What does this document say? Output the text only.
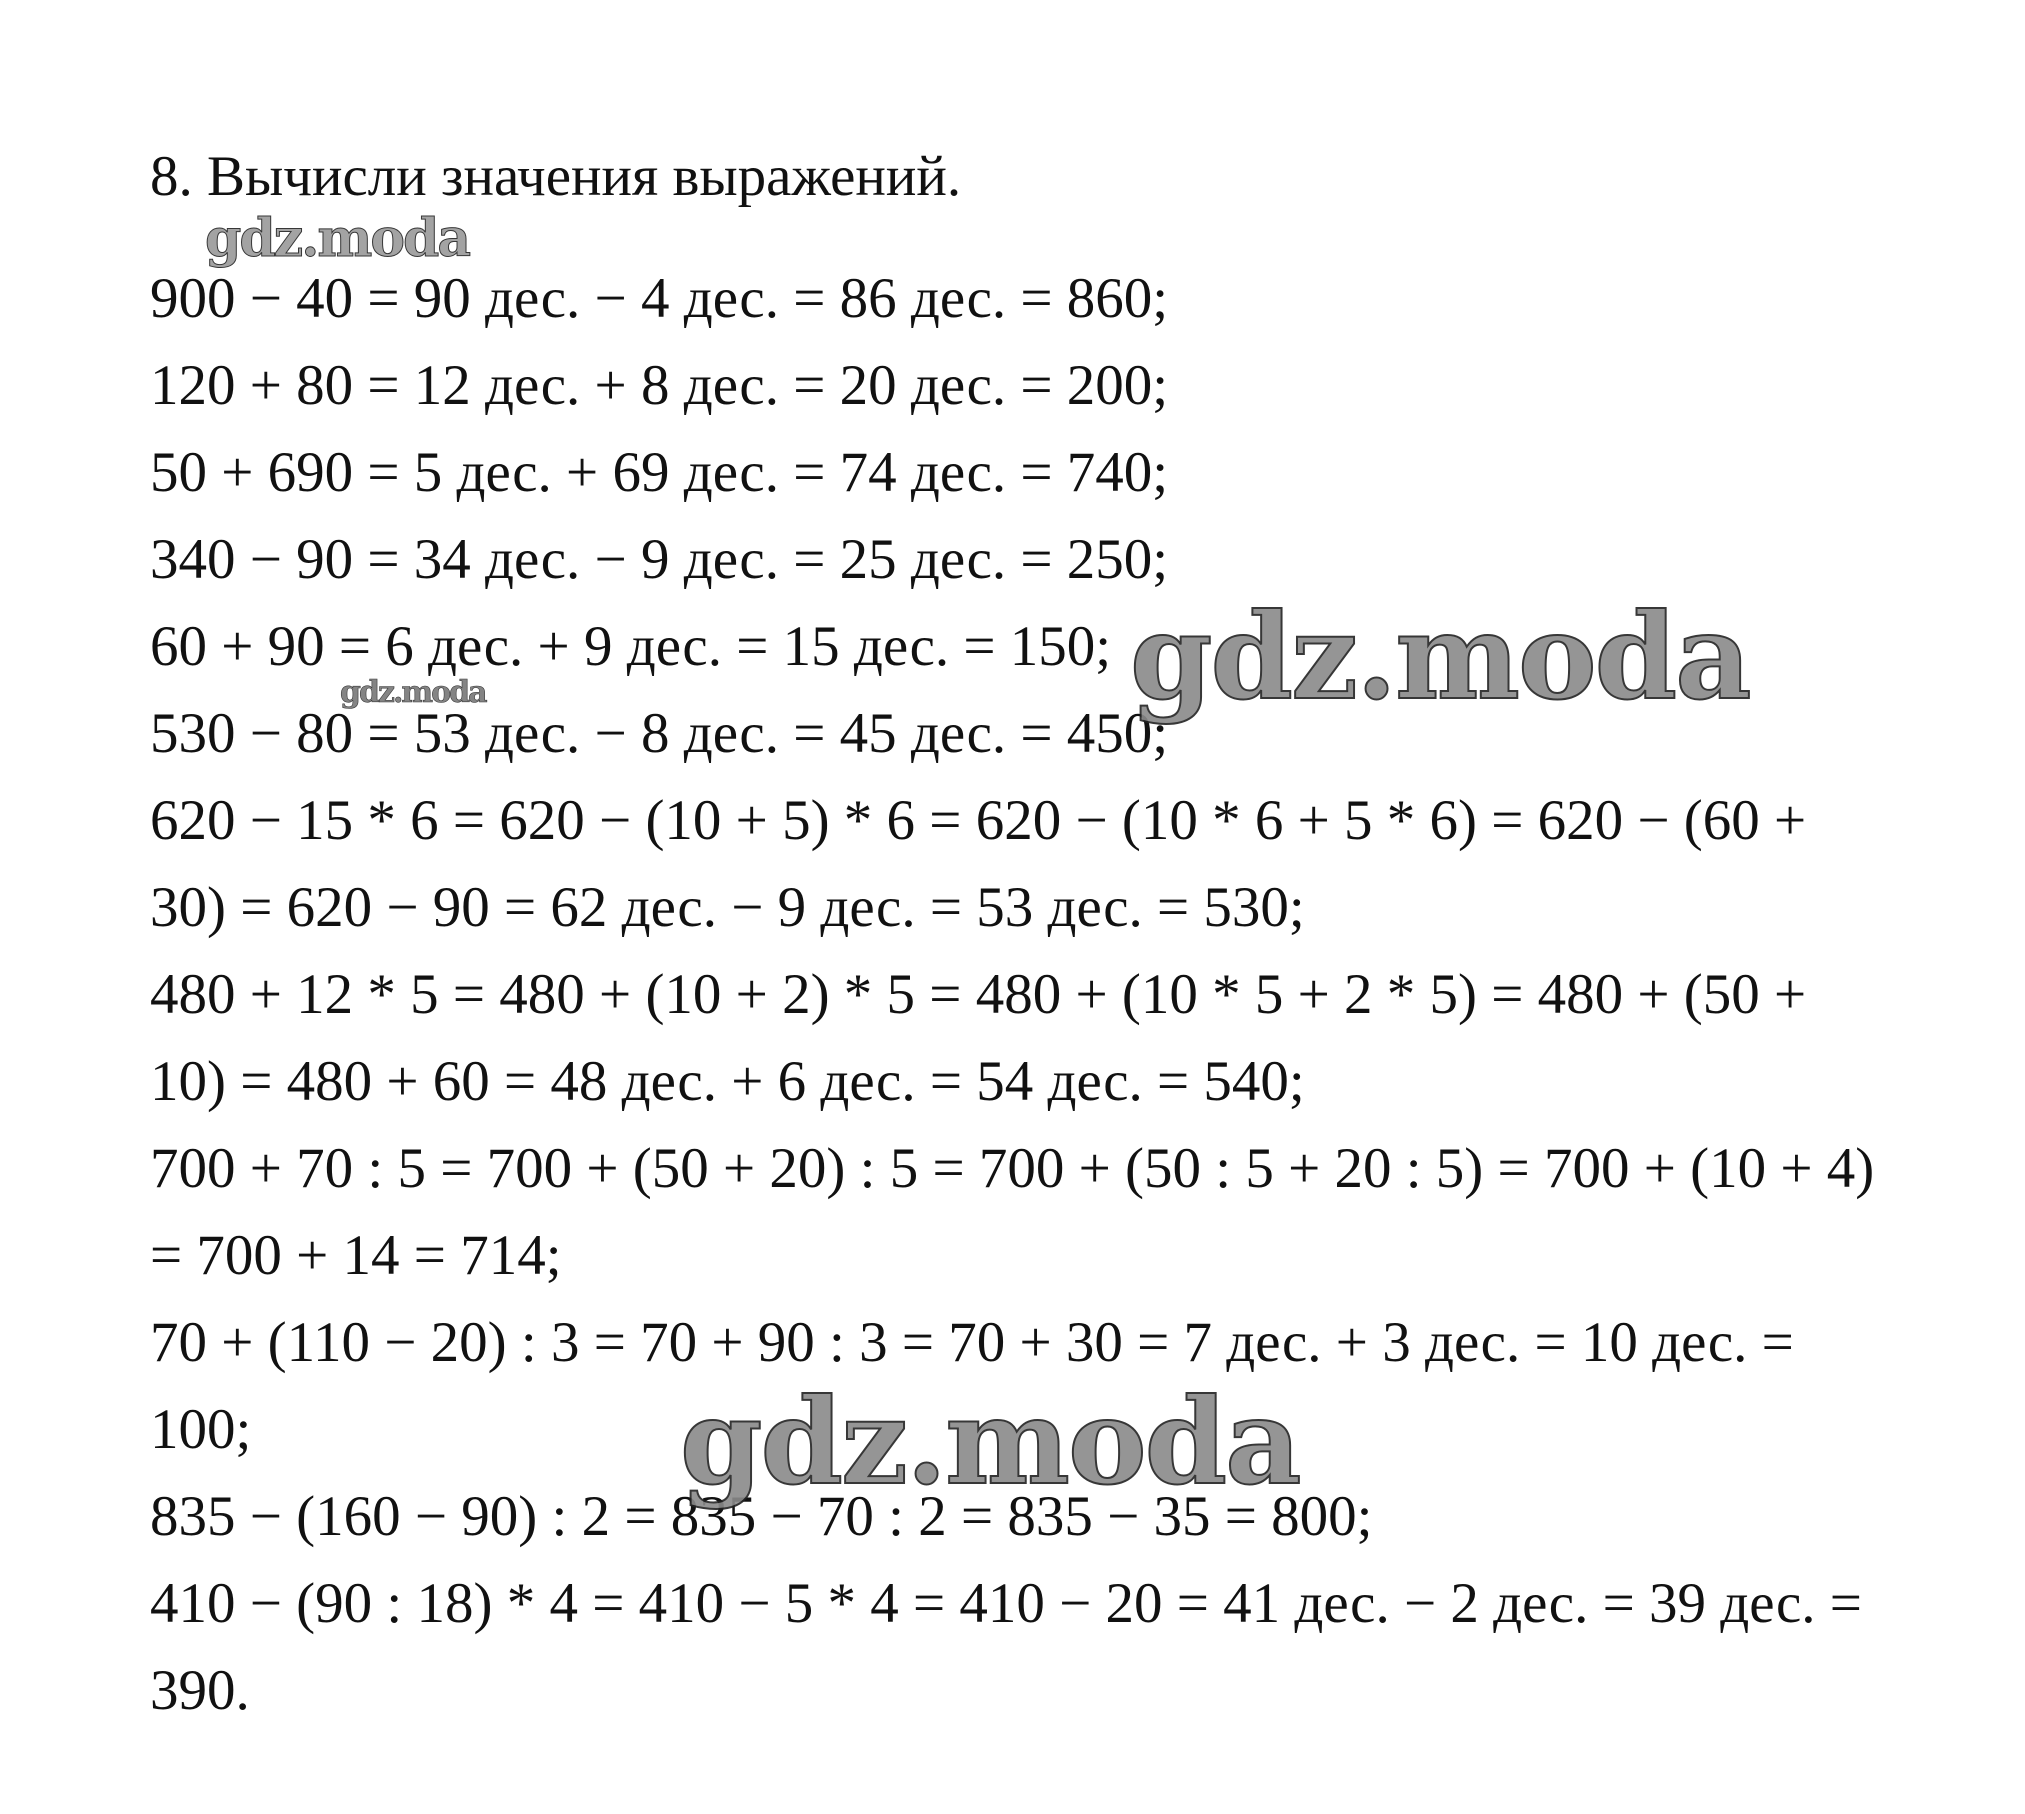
8. Вычисли значения выражений.
900 − 40 = 90 дес. − 4 дес. = 86 дес. = 860;
120 + 80 = 12 дес. + 8 дес. = 20 дес. = 200;
50 + 690 = 5 дес. + 69 дес. = 74 дес. = 740;
340 − 90 = 34 дес. − 9 дес. = 25 дес. = 250;
60 + 90 = 6 дес. + 9 дес. = 15 дес. = 150;
530 − 80 = 53 дес. − 8 дес. = 45 дес. = 450;
620 − 15 * 6 = 620 − (10 + 5) * 6 = 620 − (10 * 6 + 5 * 6) = 620 − (60 +
30) = 620 − 90 = 62 дес. − 9 дес. = 53 дес. = 530;
480 + 12 * 5 = 480 + (10 + 2) * 5 = 480 + (10 * 5 + 2 * 5) = 480 + (50 +
10) = 480 + 60 = 48 дес. + 6 дес. = 54 дес. = 540;
700 + 70 : 5 = 700 + (50 + 20) : 5 = 700 + (50 : 5 + 20 : 5) = 700 + (10 + 4)
= 700 + 14 = 714;
70 + (110 − 20) : 3 = 70 + 90 : 3 = 70 + 30 = 7 дес. + 3 дес. = 10 дес. =
100;
835 − (160 − 90) : 2 = 835 − 70 : 2 = 835 − 35 = 800;
410 − (90 : 18) * 4 = 410 − 5 * 4 = 410 − 20 = 41 дес. − 2 дес. = 39 дес. =
390.
gdz.moda
gdz.moda
gdz.moda
gdz.moda
